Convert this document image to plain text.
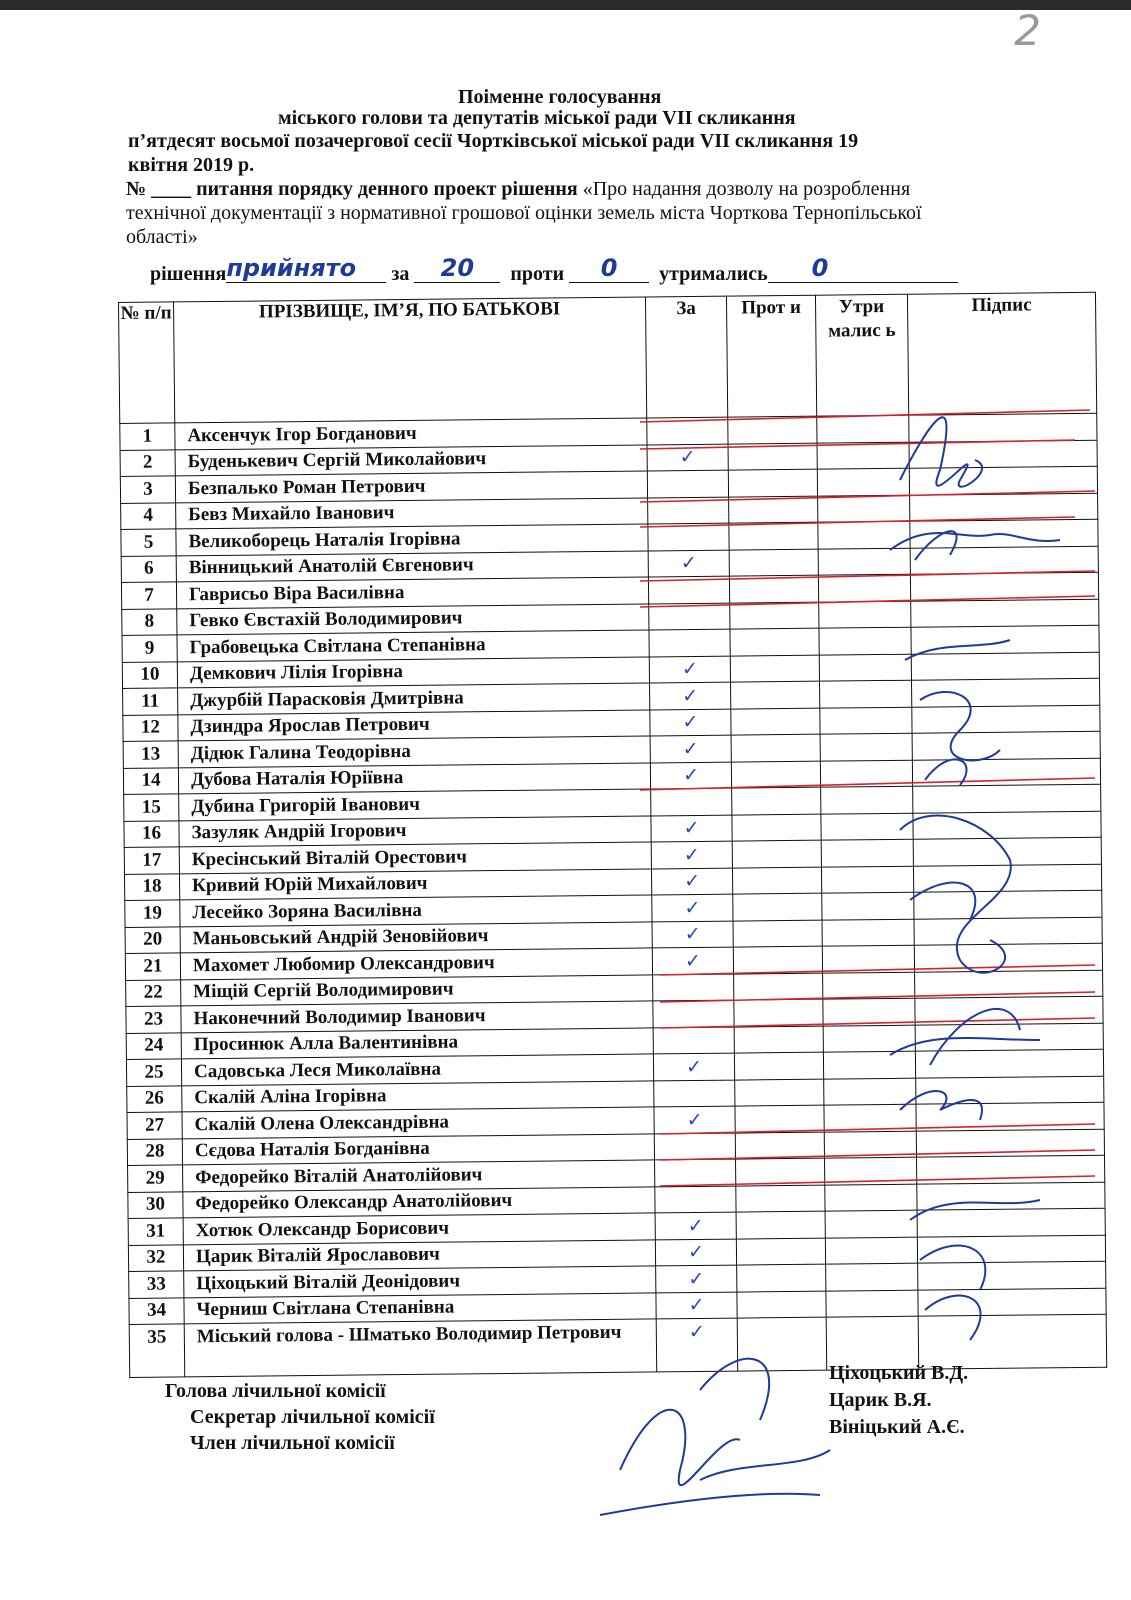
2
Поіменне голосування
міського голови та депутатів міської ради VII скликання
п’ятдесят восьмої позачергової сесії Чортківської міської ради VII скликання 19
квітня 2019 р.
№ ____ питання порядку денного проект рішення «Про надання дозволу на розроблення
технічної документації з нормативної грошової оцінки земель міста Чорткова Тернопільської
області»
рішенняприйнято за 20 проти 0 утримались 0
№ п/п	ПРІЗВИЩЕ, ІМ’Я, ПО БАТЬКОВІ	За	Прот и	Утри малис ь	Підпис
1	Аксенчук Ігор Богданович				
2	Буденькевич Сергій Миколайович	✓			
3	Безпалько Роман Петрович				
4	Бевз Михайло Іванович				
5	Великоборець Наталія Ігорівна				
6	Вінницький Анатолій Євгенович	✓			
7	Гаврисьо Віра Василівна				
8	Гевко Євстахій Володимирович				
9	Грабовецька Світлана Степанівна				
10	Демкович Лілія Ігорівна	✓			
11	Джурбій Парасковія Дмитрівна	✓			
12	Дзиндра Ярослав Петрович	✓			
13	Дідюк Галина Теодорівна	✓			
14	Дубова Наталія Юріївна	✓			
15	Дубина Григорій Іванович				
16	Зазуляк Андрій Ігорович	✓			
17	Кресінський Віталій Орестович	✓			
18	Кривий Юрій Михайлович	✓			
19	Лесейко Зоряна Василівна	✓			
20	Маньовський Андрій Зеновійович	✓			
21	Махомет Любомир Олександрович	✓			
22	Міщій Сергій Володимирович				
23	Наконечний Володимир Іванович				
24	Просинюк Алла Валентинівна				
25	Садовська Леся Миколаївна	✓			
26	Скалій Аліна Ігорівна				
27	Скалій Олена Олександрівна	✓			
28	Сєдова Наталія Богданівна				
29	Федорейко Віталій Анатолійович				
30	Федорейко Олександр Анатолійович				
31	Хотюк Олександр Борисович	✓			
32	Царик Віталій Ярославович	✓			
33	Ціхоцький Віталій Деонідович	✓			
34	Черниш Світлана Степанівна	✓			
35	Міський голова - Шматько Володимир Петрович	✓			
Голова лічильної комісії
Секретар лічильної комісії
Член лічильної комісії
Ціхоцький В.Д.
Царик В.Я.
Вініцький А.Є.
